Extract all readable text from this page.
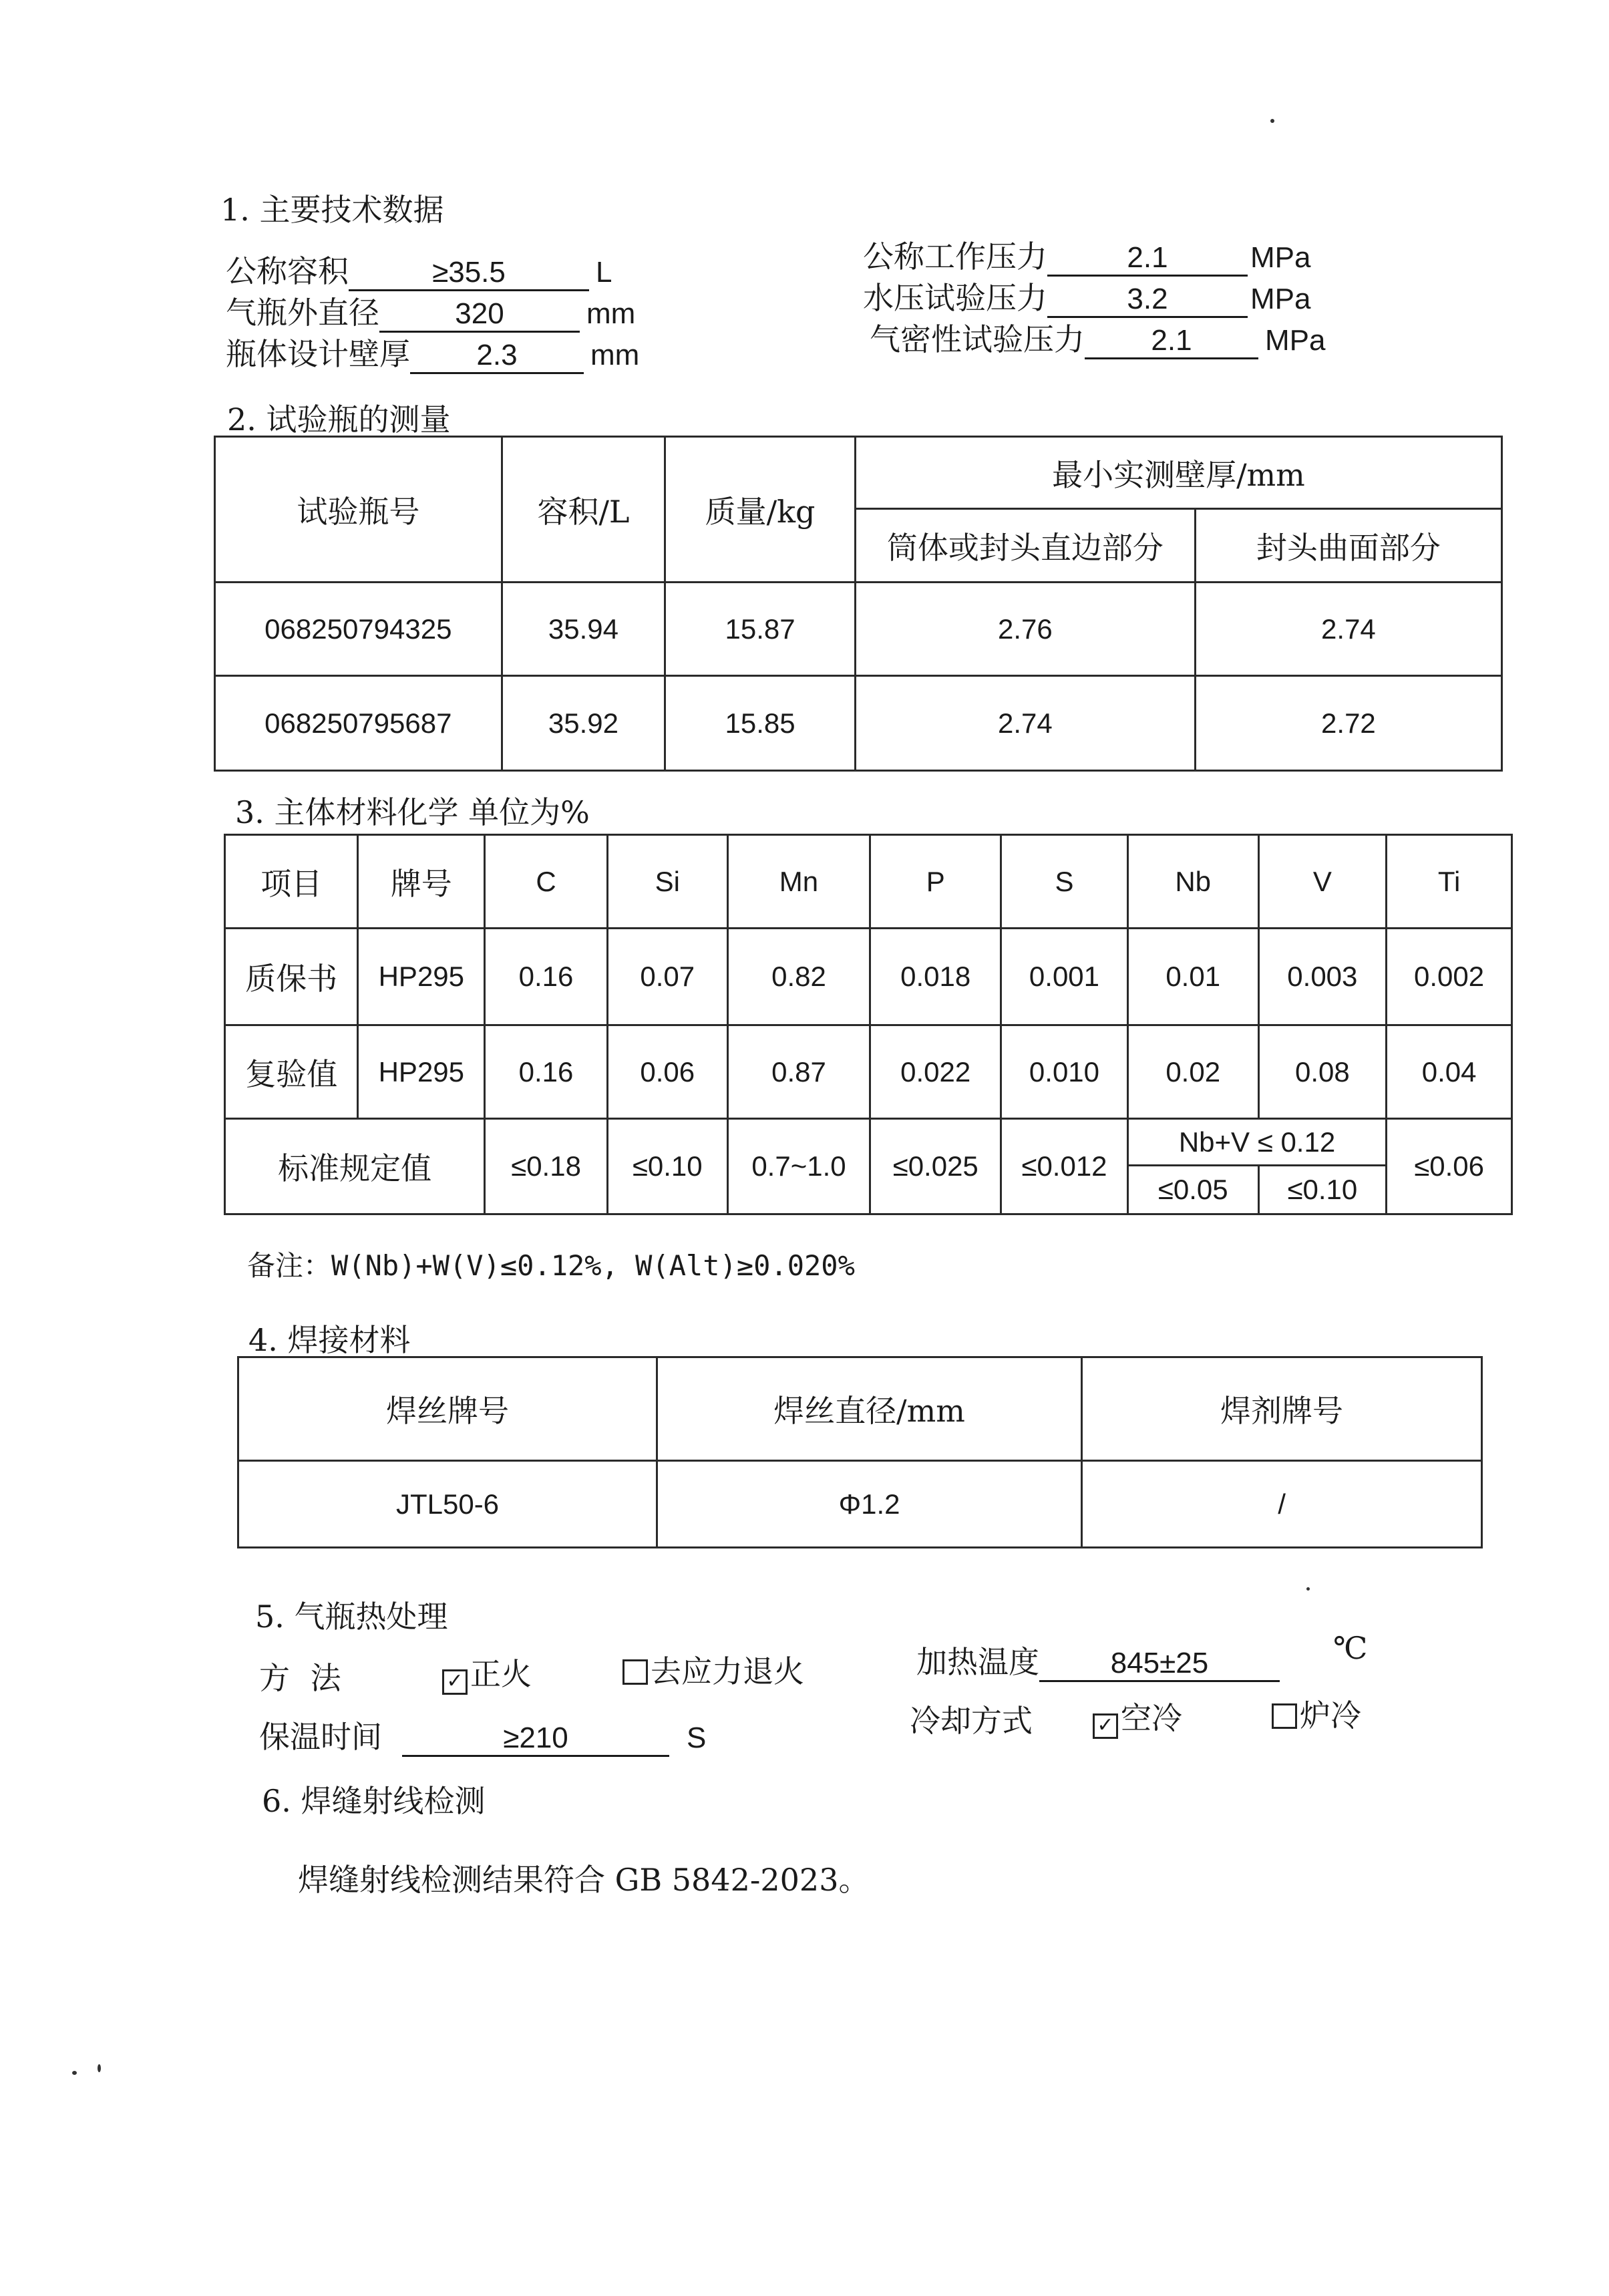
1. 主要技术数据
公称容积	≥35.5	L
气瓶外直径	320	mm
瓶体设计壁厚 2.3 mm
公称工作压力	2.1	MPa
水压试验压力	3.2	MPa
气密性试验压力 2.1 MPa
2. 试验瓶的测量
试验瓶号	容积/L	质量/kg	最小实测壁厚/mm	
			筒体或封头直边部分	封头曲面部分
068250794325	35.94	15.87	2.76	2.74
068250795687	35.92	15.85	2.74	2.72
3. 主体材料化学 单位为%
项目	牌号	C	Si	Mn	P	S	Nb	V	Ti
质保书	HP295	0.16	0.07	0.82	0.018	0.001	0.01	0.003	0.002
复验值	HP295	0.16	0.06	0.87	0.022	0.010	0.02	0.08	0.04
标准规定值		≤0.18	≤0.10	0.7~1.0	≤0.025	≤0.012	Nb+V ≤ 0.12		≤0.06
							≤0.05	≤0.10	
备注：W(Nb)+W(V)≤0.12%, W(Alt)≥0.020%
4. 焊接材料
焊丝牌号	焊丝直径/mm	焊剂牌号
JTL50-6	Φ1.2	/
5. 气瓶热处理
方 法	✓ 正火	去应力退火	加热温度 845±25	℃
保温时间	≥210	S	冷却方式	✓ 空冷	炉冷
6. 焊缝射线检测
焊缝射线检测结果符合 GB 5842-2023。
